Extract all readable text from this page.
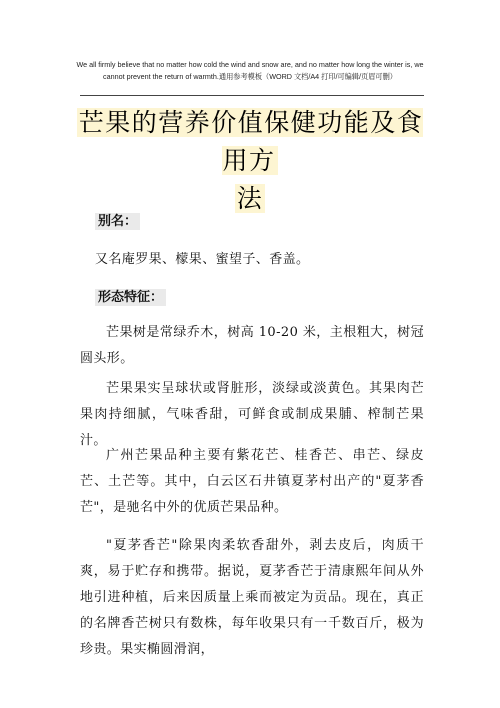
We all firmly believe that no matter how cold the wind and snow are, and no matter how long the winter is, we
cannot prevent the return of warmth.通用参考模板（WORD 文档/A4 打印/可编辑/页眉可删）
芒果的营养价值保健功能及食用方
法
别名：
又名庵罗果、檬果、蜜望子、香盖。
形态特征：
芒果树是常绿乔木，树高 10-20 米，主根粗大，树冠圆头形。
芒果果实呈球状或肾脏形，淡绿或淡黄色。其果肉芒果肉持细腻，气味香甜，可鲜食或制成果脯、榨制芒果汁。
广州芒果品种主要有紫花芒、桂香芒、串芒、绿皮芒、土芒等。其中，白云区石井镇夏茅村出产的"夏茅香芒"，是驰名中外的优质芒果品种。
"夏茅香芒"除果肉柔软香甜外，剥去皮后，肉质干爽，易于贮存和携带。据说，夏茅香芒于清康熙年间从外地引进种植，后来因质量上乘而被定为贡品。现在，真正的名牌香芒树只有数株，每年收果只有一千数百斤，极为珍贵。果实椭圆滑润，
